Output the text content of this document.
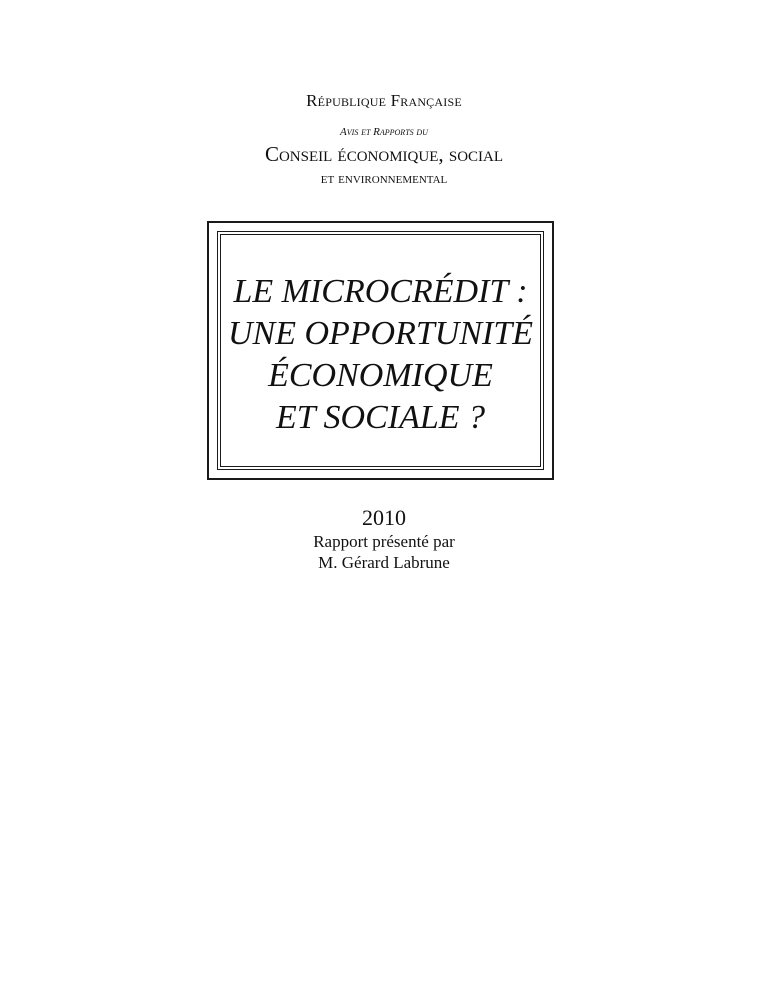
République Française
Avis et Rapports du
Conseil économique, social
et environnemental
LE MICROCRÉDIT :
UNE OPPORTUNITÉ
ÉCONOMIQUE
ET SOCIALE ?
2010
Rapport présenté par
M. Gérard Labrune
